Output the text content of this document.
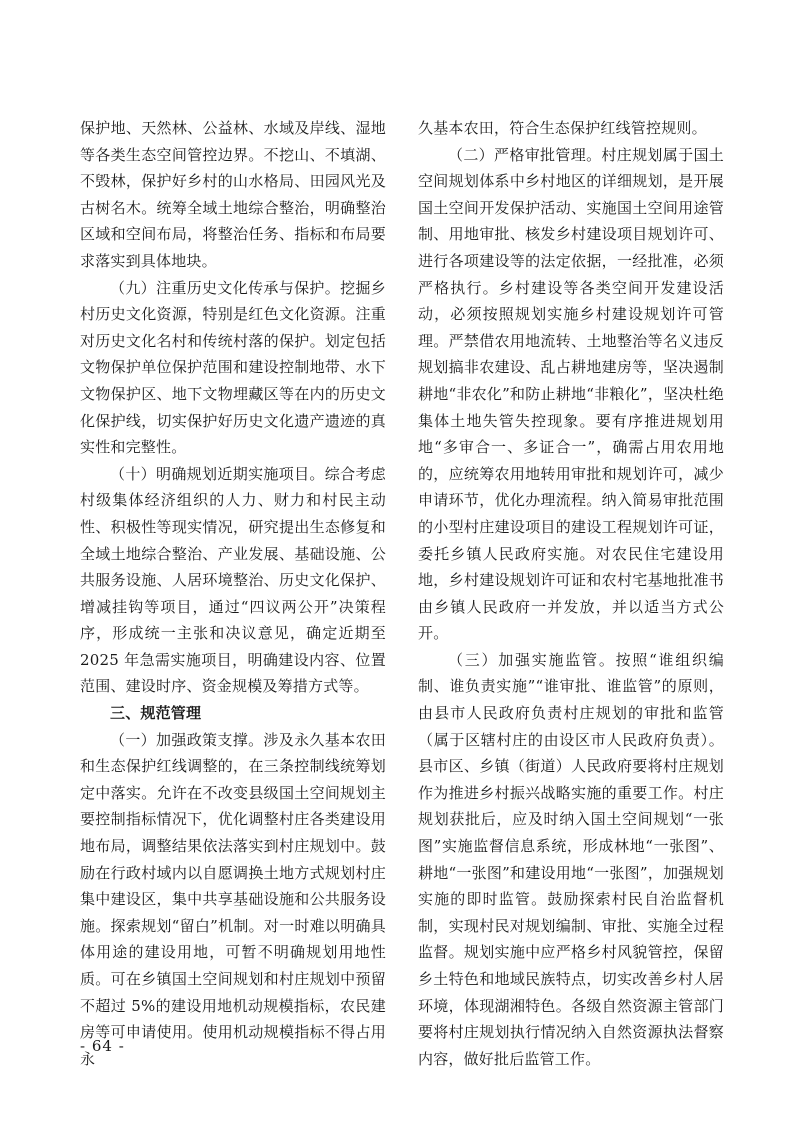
保护地、天然林、公益林、水域及岸线、湿地等各类生态空间管控边界。不挖山、不填湖、不毁林，保护好乡村的山水格局、田园风光及古树名木。统筹全域土地综合整治，明确整治区域和空间布局，将整治任务、指标和布局要求落实到具体地块。

（九）注重历史文化传承与保护。挖掘乡村历史文化资源，特别是红色文化资源。注重对历史文化名村和传统村落的保护。划定包括文物保护单位保护范围和建设控制地带、水下文物保护区、地下文物埋藏区等在内的历史文化保护线，切实保护好历史文化遗产遗迹的真实性和完整性。

（十）明确规划近期实施项目。综合考虑村级集体经济组织的人力、财力和村民主动性、积极性等现实情况，研究提出生态修复和全域土地综合整治、产业发展、基础设施、公共服务设施、人居环境整治、历史文化保护、增减挂钩等项目，通过“四议两公开”决策程序，形成统一主张和决议意见，确定近期至 2025 年急需实施项目，明确建设内容、位置范围、建设时序、资金规模及筹措方式等。

三、规范管理

（一）加强政策支撑。涉及永久基本农田和生态保护红线调整的，在三条控制线统筹划定中落实。允许在不改变县级国土空间规划主要控制指标情况下，优化调整村庄各类建设用地布局，调整结果依法落实到村庄规划中。鼓励在行政村域内以自愿调换土地方式规划村庄集中建设区，集中共享基础设施和公共服务设施。探索规划“留白”机制。对一时难以明确具体用途的建设用地，可暂不明确规划用地性质。可在乡镇国土空间规划和村庄规划中预留不超过 5%的建设用地机动规模指标，农民建房等可申请使用。使用机动规模指标不得占用永

久基本农田，符合生态保护红线管控规则。

（二）严格审批管理。村庄规划属于国土空间规划体系中乡村地区的详细规划，是开展国土空间开发保护活动、实施国土空间用途管制、用地审批、核发乡村建设项目规划许可、进行各项建设等的法定依据，一经批准，必须严格执行。乡村建设等各类空间开发建设活动，必须按照规划实施乡村建设规划许可管理。严禁借农用地流转、土地整治等名义违反规划搞非农建设、乱占耕地建房等，坚决遏制耕地“非农化”和防止耕地“非粮化”，坚决杜绝集体土地失管失控现象。要有序推进规划用地“多审合一、多证合一”，确需占用农用地的，应统筹农用地转用审批和规划许可，减少申请环节，优化办理流程。纳入简易审批范围的小型村庄建设项目的建设工程规划许可证，委托乡镇人民政府实施。对农民住宅建设用地，乡村建设规划许可证和农村宅基地批准书由乡镇人民政府一并发放，并以适当方式公开。

（三）加强实施监管。按照“谁组织编制、谁负责实施”“谁审批、谁监管”的原则，由县市人民政府负责村庄规划的审批和监管（属于区辖村庄的由设区市人民政府负责）。县市区、乡镇（街道）人民政府要将村庄规划作为推进乡村振兴战略实施的重要工作。村庄规划获批后，应及时纳入国土空间规划“一张图”实施监督信息系统，形成林地“一张图”、耕地“一张图”和建设用地“一张图”，加强规划实施的即时监管。鼓励探索村民自治监督机制，实现村民对规划编制、审批、实施全过程监督。规划实施中应严格乡村风貌管控，保留乡土特色和地域民族特点，切实改善乡村人居环境，体现湖湘特色。各级自然资源主管部门要将村庄规划执行情况纳入自然资源执法督察内容，做好批后监管工作。

- 64 -
